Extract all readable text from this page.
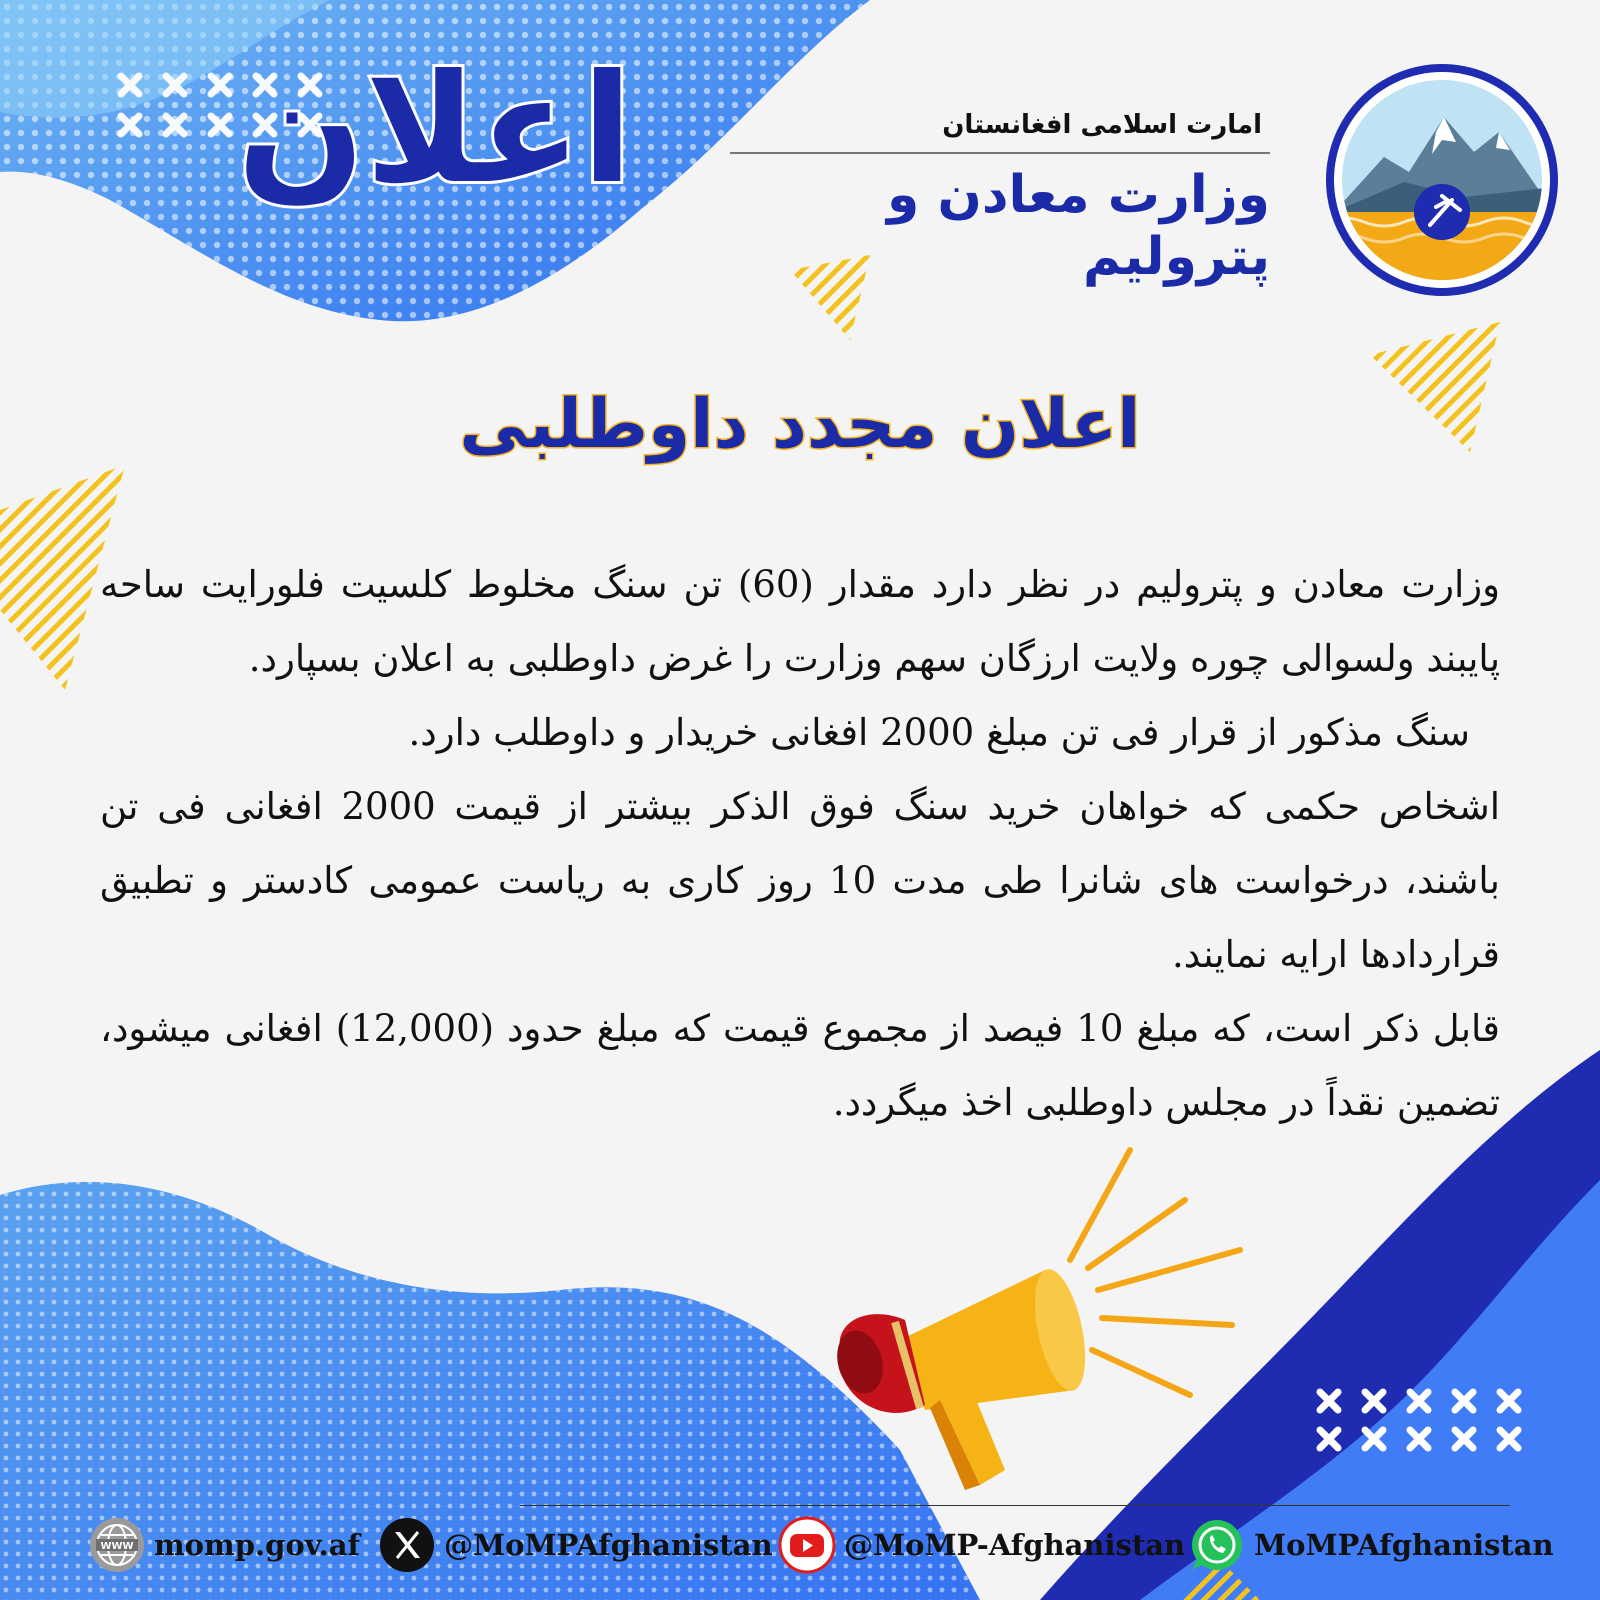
اعلان	امارت اسلامی افغانستان
وزارت معادن و پترولیم
اعلان مجدد داوطلبی

وزارت معادن و پترولیم در نظر دارد مقدار (60) تن سنگ مخلوط کلسیت فلورایت ساحه پایبند ولسوالی چوره ولایت ارزگان سهم وزارت را غرض داوطلبی به اعلان بسپارد.

سنگ مذکور از قرار فی تن مبلغ 2000 افغانی خریدار و داوطلب دارد.

اشخاص حکمی که خواهان خرید سنگ فوق الذکر بیشتر از قیمت 2000 افغانی فی تن باشند، درخواست های شانرا طی مدت 10 روز کاری به ریاست عمومی کادستر و تطبیق قراردادها ارایه نمایند.

قابل ذکر است، که مبلغ 10 فیصد از مجموع قیمت که مبلغ حدود (12,000) افغانی میشود، تضمین نقداً در مجلس داوطلبی اخذ میگردد.

WWW momp.gov.af	@MoMPAfghanistan @MoMP-Afghanistan MoMPAfghanistan
